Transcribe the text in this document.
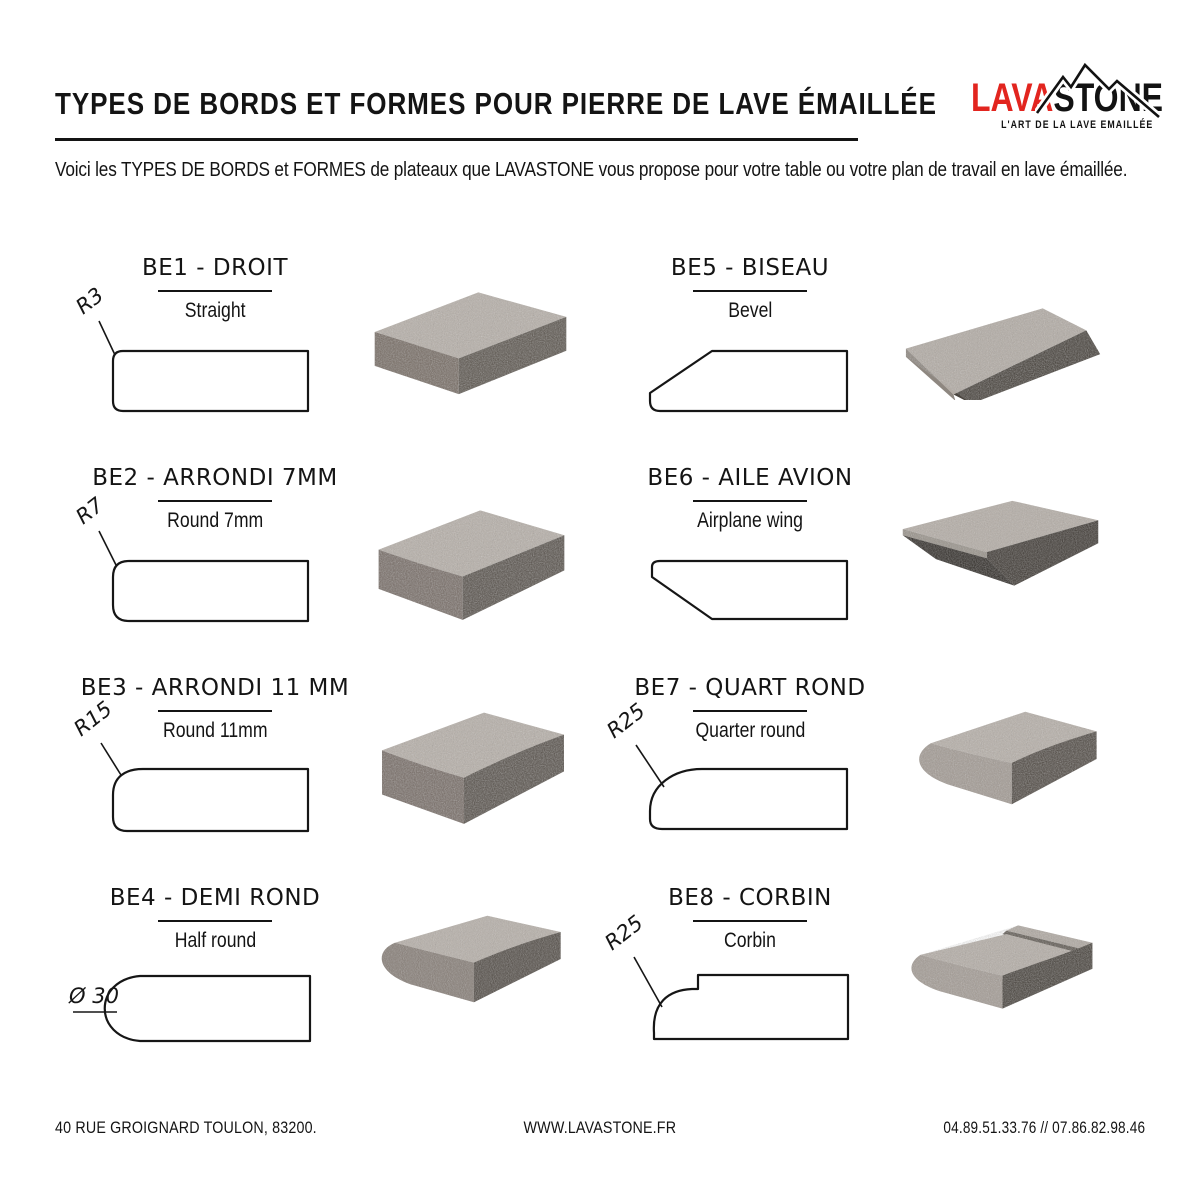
TYPES DE BORDS ET FORMES POUR PIERRE DE LAVE ÉMAILLÉE LAVASTONE
L'ART DE LA LAVE EMAILLÉE
Voici les TYPES DE BORDS et FORMES de plateaux que LAVASTONE vous propose pour votre table ou votre plan de travail en lave émaillée.
BE1 - DROIT
Straight
R3
BE2 - ARRONDI 7MM
Round 7mm
R7
BE3 - ARRONDI 11 MM
Round 11mm
R15
BE4 - DEMI ROND
Half round
Ø 30
BE5 - BISEAU
Bevel
BE6 - AILE AVION
Airplane wing
BE7 - QUART ROND
Quarter round
R25
BE8 - CORBIN
Corbin
R25
40 RUE GROIGNARD TOULON, 83200.	WWW.LAVASTONE.FR	04.89.51.33.76 // 07.86.82.98.46
